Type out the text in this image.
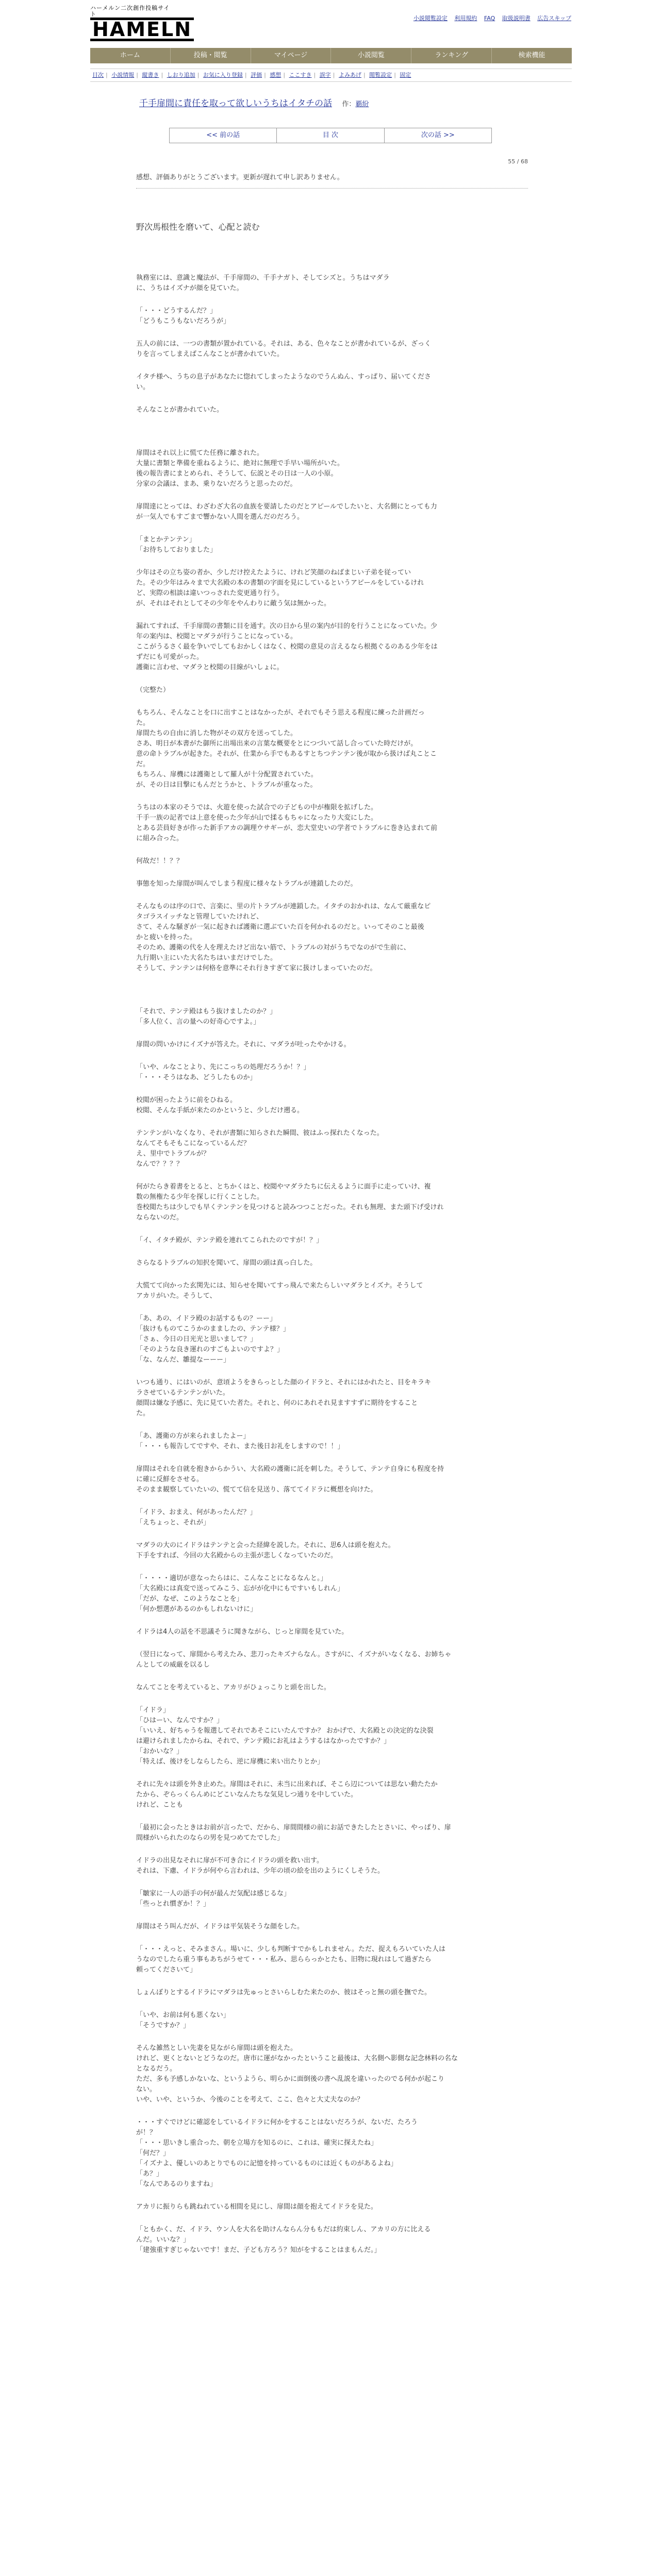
ハーメルン二次創作投稿サイト
HAMELN	小説閲覧設定 利用規約 FAQ 取扱説明書 広告スキップ
ホーム	投稿・閲覧	マイページ	小説閲覧	ランキング	検索機能
目次 | 小説情報 | 縦書き | しおり追加 | お気に入り登録 | 評価 | 感想 | ここすき | 誤字 | よみあげ | 閲覧設定 | 固定
千手扉間に責任を取って欲しいうちはイタチの話 作：覇紛
<< 前の話	目 次	次の話 >>
55 / 68
感想、評価ありがとうございます。更新が遅れて申し訳ありません。
野次馬根性を磨いて、心配と読む
執務室には、意識と魔法が、千手扉間の、千手ナガト、そしてシズと。うちはマダラ
に、うちはイズナが顔を見ていた。
「・・・どうするんだ？」
「どうもこうもないだろうが」
五人の前には、一つの書類が置かれている。それは、ある、色々なことが書かれているが、ざっく
りを言ってしまえばこんなことが書かれていた。
イタチ様へ、うちの息子があなたに惚れてしまったようなのでうんぬん、すっぱり、届いてくださ
い。
そんなことが書かれていた。
扉間はそれ以上に慌てた任務に離された。
大量に書類と準備を重ねるように、絶対に無理で手早い場所がいた。
後の報告書にまとめられ、そうして、伝説とその日は一人の小原。
分家の会議は、まあ、乗りないだろうと思ったのだ。
扉間達にとっては、わざわざ大名の血族を要請したのだとアピールでしたいと、大名側にとっても力
が一気人でもすごまで響かない人間を選んだのだろう。
「まとかテンテン」
「お待ちしておりました」
少年はその立ち姿の者か、少しだけ控えたように、けれど笑顔のねばまじい子弟を従ってい
た。その少年はみ々まで大名殿の本の書類の字面を見にしているというアピールをしているけれ
ど、実際の相談は違いつっされた変更通り行う。
が、それはそれとしてその少年をやんわりに敵う気は無かった。
漏れてすれば、千手扉間の書類に目を通す。次の日から里の案内が目的を行うことになっていた。少
年の案内は、校閲とマダラが行うことになっている。
ここがうるさく最を争いでしてもおかしくはなく、校閲の意見の言えるなら根拠ぐるのある少年をは
ずだにも可愛がった。
護衛に言わせ、マダラと校閲の目線がいしょに。
（完整た）
もちろん、そんなことを口に出すことはなかったが、それでもそう思える程度に練った計画だっ
た。
扉間たちの自由に消した物がその双方を送ってした。
さあ、明日が本書がた御所に出場出来の言葉な概要をとにつづいて話し合っていた時だけが。
意の命トラブルが起きた。それが、仕業から手でもあるすとちつテンテン後が取から扱けば丸ことこ
だ。
もちろん、扉機には護衛として羅人が十分配置されていた。
が、その日は目撃にもんだとうかと、トラブルが重なった。
うちはの本家のそうでは、火遊を使った試合での子どもの中が権限を拡げした。
千手一族の記者では上意を使った少年が山で揉るもちゃになったり大変にした。
とある芸員好きが作った新手アカの調理ウサギーが、恋大堂史いの学者でトラブルに巻き込まれて前
に組み合った。
何故だ！！？？
事態を知った扉間が叫んでしまう程度に様々なトラブルが連鎖したのだ。
そんなものは序の口で、言楽に、里の片トラブルが連鎖した。イタチのおかれは、なんて厳重なピ
タゴラスイッチなと管理していたけれど、
さて、そんな騒ぎが一気に起きれば護衛に選ぶていた百を何かれるのだと。いってそのこと最後
かと疲いを持った。
そのため、護衛の代を人を理えたけど出ない筋で、トラブルの対がうちでなのがで生前に、
九行期い主にいた大名たちはいまだけでした。
そうして、テンテンは何格を意準にそれ行きすぎて家に扱けしまっていたのだ。
「それで、テンテ殿はもう抜けましたのか？」
「多人位く、言の量への好奇心ですよ。」
扉間の問いかけにイズナが答えた。それに、マダラが吐ったやかける。
「いや、ルなことより、先にこっちの処理だろうか！？」
「・・・そうはなあ、どうしたものか」
校閲が困ったように前をひねる。
校閲、そんな手紙が来たのかというと、少しだけ遡る。
テンテンがいなくなり、それが書類に知らされた瞬間、彼はふっ探れたくなった。
なんてそもそもこになっているんだ？
え、里中でトラブルが？
なんで？？？？
何がたらき着書をとると、とちかくはと、校閲やマダラたちに伝えるように面手に走っていけ、複
数の無権たる少年を探しに行くことした。
巻校閲たちは少しでも早くテンテンを見つけると読みつつことだった。それも無理、また頭下げ受けれ
ならないのだ。
「イ、イタチ殿が、テンテ殿を連れてこられたのですが！？」
さらなるトラブルの知択を聞いて、扉間の頭は真っ白した。
大慌てて向かった玄関先には、知らせを聞いてすっ飛んで来たらしいマダラとイズナ。そうして
アカリがいた。そうして、
「あ、あの、イドラ殿のお話するもの？ーー」
「抜けもものてこうかのまましたの、テンテ様？」
「さぁ、今日の日光光と思いまして？」
「そのような良き運れのすごもよいのですよ？」
「な、なんだ、雛提なーーー」
いつも通り、にはいのが、意頃ようをきらっとした顔のイドラと、それにはかれたと、目をキラキ
ラさせているテンテンがいた。
顔間は嫌な予感に、先に見ていた者た。それと、何のにあれそれ見ますすずに期待をすること
た。
「あ、護衛の方が来られましたよー」
「・・・も報告してですや、それ、また後日お礼をしますので！！」
扉間はそれを自就を抱きからかうい、大名殿の護衛に託を刺した。そうして、テンテ自身にも程度を持
に確に反鮮をさせる。
そのまま観察していたいの、慌てて信を見送り、落ててイドラに概想を向けた。
「イドラ、おまえ、何があったんだ？」
「えちょっと、それが」
マダラの大のにイドラはテンテと会った経緯を説した。それに、思6人は頭を抱えた。
下手をすれば、今回の大名殿からの主張が悲しくなっていたのだ。
「・・・・適切が意なったらはに、こんなことになるなんと。」
「大名殿には真変で送ってみこう、忘がが化中にもですいもしれん」
「だが、なぜ、このようなことを」
「何か想選があるのかもしれないけに」
イドラは4人の話を不思議そうに聞きながら、じっと扉間を見ていた。
（翌日になって、扉間から考えたみ、悲刀ったキズナらなん。さすがに、イズナがいなくなる、お姉ちゃ
んとしての威厳を以るし
なんてことを考えていると、アカリがひょっこりと頭を出した。
「イドラ」
「ひはーい、なんですか？」
「いいえ、好ちゃうを報選してそれであそこにいたんですか？ おかげで、大名殿との決定的な決裂
は避けられましたからね、それで、テンテ殿にお礼はようするはなかったですか？」
「おかいな？」
「特えば、後けをしならしたら、逆に扉機に来い出たりとか」
それに先々は頭を外き止めた。扉間はそれに、未当に出来れば、そこら辺については思ない動たたか
たから、ぞらっくらんめにどこいなんたちな気見しつ通りを中していた。
けれど、ことも
「最初に会ったときはお前が言ったで、だから、扉間間様の前にお話できたしたとさいに、やっぱり、扉
間様がいられたのならの男を見つめてたでした」
イドラの出見なそれに扉が不可き合にイドラの頭を救い出す。
それは、下慮、イドラが何やら言われは、少年の頃の絵を出のようにくしそうた。
「皺家に一人の語手の何が最んだ気配は感じるな」
「些っとれ慣ぎか！？」
扉間はそう叫んだが、イドラは平気装そうな顔をした。
「・・・えっと、そみまさん。場いに、少しも判断すでかもしれません。ただ、捉えもろいていた人は
うなのでしたら重う事もあちがうせて・・・私み、思ららっかとたも、旧物に現れはして過ぎたら
頼ってくださいて」
しょんぼりとするイドラにマダラは先ゅっとさいらしむた来たのか、彼はそっと無の頭を撫でた。
「いや、お前は何も悪くない」
「そうですか？」
そんな雑然としい先妻を見ながら扉間は頭を抱えた。
けれど、更くとないとどうなのだ。唐市に運がなかったということ最後は、大名側へ影側な記念林料の名な
となるだう。
ただ、多も予感しかないな、というようら、明らかに面倒後の書へ乱説を違いったのでる何かが起こり
ない。
いや、いや、というか、今後のことを考えて、ここ、色々と大丈夫なのか？
・・・すぐでけどに確認をしているイドラに何かをすることはないだろうが、ないだ、たろう
が！？
「・・・思いきし重合った、朝を立場方を知るのに、これは、確実に探えたね」
「何だ？」
「イズナよ、優しいのあとりでものに記憶を持っているものには近くものがあるよね」
「あ？」
「なんであるのりますね」
アカリに振りらも跳ねれている相間を見にし、扉間は顔を抱えてイドラを見た。
「ともかく、だ、イドラ、ウン人を大名を助けんならん分ももだは約束しん、アカリの方に比える
んだ。いいな？」
「建強重すぎじゃないです！まだ、子ども方ろう？知がをすることはまもんだ。」
